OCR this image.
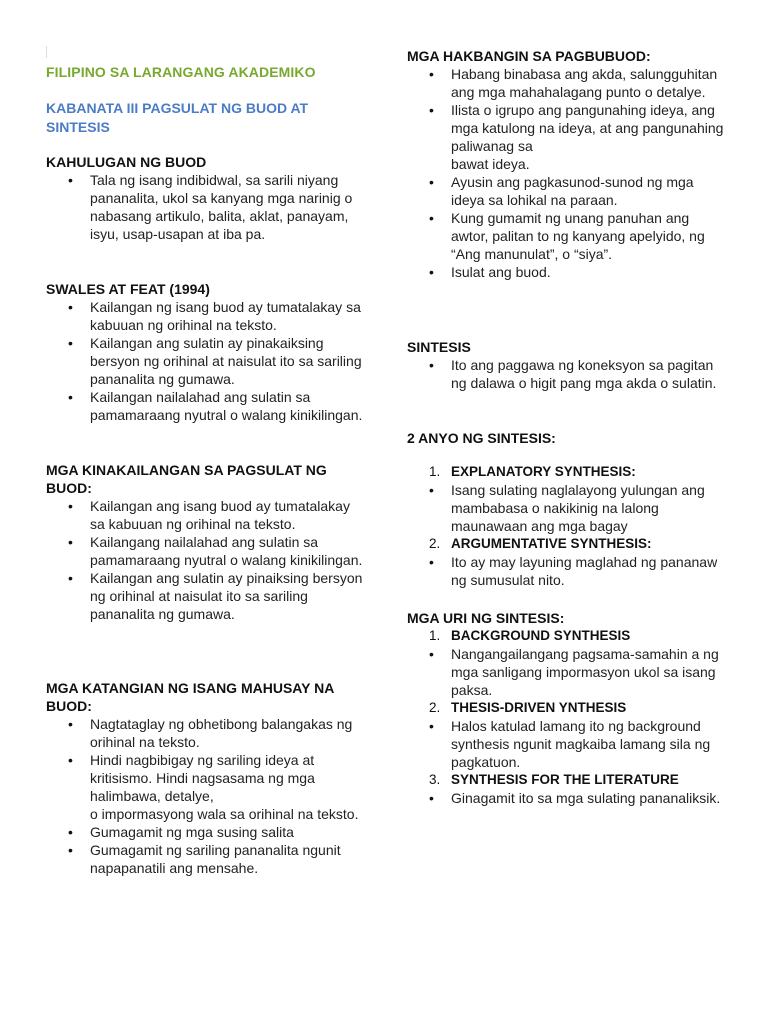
FILIPINO SA LARANGANG AKADEMIKO
KABANATA III PAGSULAT NG BUOD AT SINTESIS

KAHULUGAN NG BUOD

• Tala ng isang indibidwal, sa sarili niyang pananalita, ukol sa kanyang mga narinig o nabasang artikulo, balita, aklat, panayam, isyu, usap-usapan at iba pa.

SWALES AT FEAT (1994)

• Kailangan ng isang buod ay tumatalakay sa kabuuan ng orihinal na teksto.
• Kailangan ang sulatin ay pinakaiksing bersyon ng orihinal at naisulat ito sa sariling pananalita ng gumawa.
• Kailangan nailalahad ang sulatin sa pamamaraang nyutral o walang kinikilingan.

MGA KINAKAILANGAN SA PAGSULAT NG BUOD:

• Kailangan ang isang buod ay tumatalakay sa kabuuan ng orihinal na teksto.
• Kailangang nailalahad ang sulatin sa pamamaraang nyutral o walang kinikilingan.
• Kailangan ang sulatin ay pinaiksing bersyon ng orihinal at naisulat ito sa sariling pananalita ng gumawa.

MGA KATANGIAN NG ISANG MAHUSAY NA BUOD:

• Nagtataglay ng obhetibong balangakas ng orihinal na teksto.
• Hindi nagbibigay ng sariling ideya at kritisismo. Hindi nagsasama ng mga halimbawa, detalye,
o impormasyong wala sa orihinal na teksto.
• Gumagamit ng mga susing salita
• Gumagamit ng sariling pananalita ngunit napapanatili ang mensahe.

MGA HAKBANGIN SA PAGBUBUOD:

• Habang binabasa ang akda, salungguhitan ang mga mahahalagang punto o detalye.
• Ilista o igrupo ang pangunahing ideya, ang mga katulong na ideya, at ang pangunahing paliwanag sa
bawat ideya.
• Ayusin ang pagkasunod-sunod ng mga ideya sa lohikal na paraan.
• Kung gumamit ng unang panuhan ang awtor, palitan to ng kanyang apelyido, ng “Ang manunulat”, o “siya”.
• Isulat ang buod.

SINTESIS

• Ito ang paggawa ng koneksyon sa pagitan ng dalawa o higit pang mga akda o sulatin.

2 ANYO NG SINTESIS:

1. EXPLANATORY SYNTHESIS:
• Isang sulating naglalayong yulungan ang mambabasa o nakikinig na lalong maunawaan ang mga bagay
2. ARGUMENTATIVE SYNTHESIS:
• Ito ay may layuning maglahad ng pananaw ng sumusulat nito.

MGA URI NG SINTESIS:

1. BACKGROUND SYNTHESIS
• Nangangailangang pagsama-samahin a ng mga sanligang impormasyon ukol sa isang paksa.
2. THESIS-DRIVEN YNTHESIS
• Halos katulad lamang ito ng background synthesis ngunit magkaiba lamang sila ng pagkatuon.
3. SYNTHESIS FOR THE LITERATURE
• Ginagamit ito sa mga sulating pananaliksik.
